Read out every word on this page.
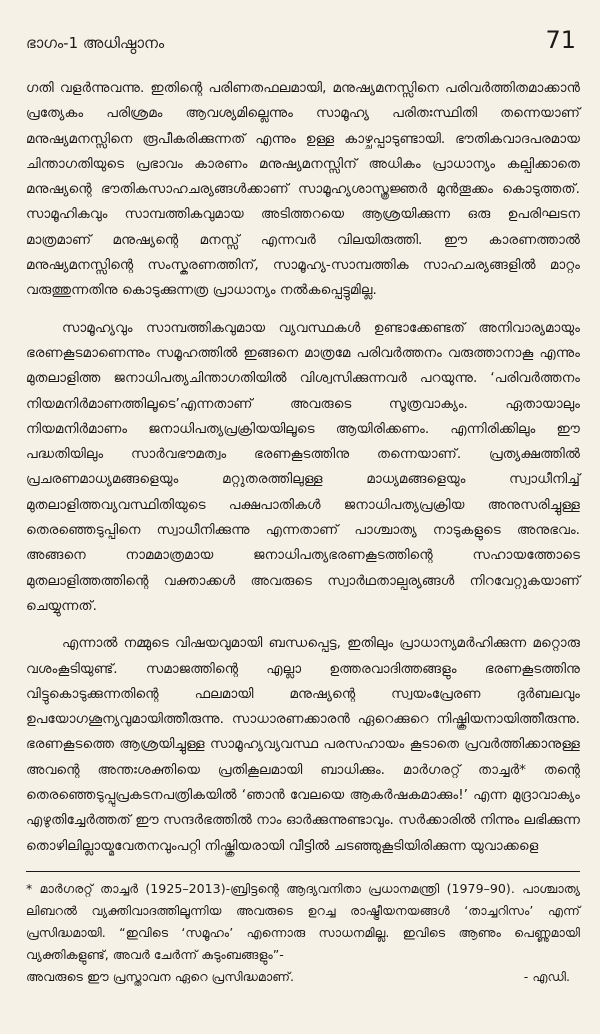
ഭാഗം-1 അധിഷ്ഠാനം	71

ഗതി വളർന്നുവന്നു. ഇതിന്റെ പരിണതഫലമായി, മനുഷ്യമനസ്സിനെ പരിവർത്തിതമാക്കാൻ പ്രത്യേകം പരിശ്രമം ആവശ്യമില്ലെന്നും സാമൂഹ്യ പരിതഃസ്ഥിതി തന്നെയാണ് മനുഷ്യമനസ്സിനെ രൂപീകരിക്കുന്നത് എന്നും ഉള്ള കാഴ്ചപ്പാടുണ്ടായി. ഭൗതികവാദപരമായ ചിന്താഗതിയുടെ പ്രഭാവം കാരണം മനുഷ്യമനസ്സിന് അധികം പ്രാധാന്യം കല്പിക്കാതെ മനുഷ്യന്റെ ഭൗതികസാഹചര്യങ്ങൾക്കാണ് സാമൂഹ്യശാസ്ത്രജ്ഞർ മുൻതൂക്കം കൊടുത്തത്. സാമൂഹികവും സാമ്പത്തികവുമായ അടിത്തറയെ ആശ്രയിക്കുന്ന ഒരു ഉപരിഘടന മാത്രമാണ് മനുഷ്യന്റെ മനസ്സ് എന്നവർ വിലയിരുത്തി. ഈ കാരണത്താൽ മനുഷ്യമനസ്സിന്റെ സംസ്കരണത്തിന്, സാമൂഹ്യ-സാമ്പത്തിക സാഹചര്യങ്ങളിൽ മാറ്റം വരുത്തുന്നതിനു കൊടുക്കുന്നത്ര പ്രാധാന്യം നൽകപ്പെട്ടുമില്ല.

സാമൂഹ്യവും സാമ്പത്തികവുമായ വ്യവസ്ഥകൾ ഉണ്ടാക്കേണ്ടത് അനിവാര്യമായും ഭരണകൂടമാണെന്നും സമൂഹത്തിൽ ഇങ്ങനെ മാത്രമേ പരിവർത്തനം വരുത്താനാകൂ എന്നും മുതലാളിത്ത ജനാധിപത്യചിന്താഗതിയിൽ വിശ്വസിക്കുന്നവർ പറയുന്നു. ‘പരിവർത്തനം നിയമനിർമാണത്തിലൂടെ’എന്നതാണ് അവരുടെ സൂത്രവാക്യം. ഏതായാലും നിയമനിർമാണം ജനാധിപത്യപ്രക്രിയയിലൂടെ ആയിരിക്കണം. എന്നിരിക്കിലും ഈ പദ്ധതിയിലും സാർവഭൗമത്വം ഭരണകൂടത്തിനു തന്നെയാണ്. പ്രത്യക്ഷത്തിൽ പ്രചരണമാധ്യമങ്ങളെയും മറ്റുതരത്തിലുള്ള മാധ്യമങ്ങളെയും സ്വാധീനിച്ച് മുതലാളിത്തവ്യവസ്ഥിതിയുടെ പക്ഷപാതികൾ ജനാധിപത്യപ്രക്രിയ അനുസരിച്ചുള്ള തെരഞ്ഞെടുപ്പിനെ സ്വാധീനിക്കുന്നു എന്നതാണ് പാശ്ചാത്യ നാടുകളുടെ അനുഭവം. അങ്ങനെ നാമമാത്രമായ ജനാധിപത്യഭരണകൂടത്തിന്റെ സഹായത്തോടെ മുതലാളിത്തത്തിന്റെ വക്താക്കൾ അവരുടെ സ്വാർഥതാല്പര്യങ്ങൾ നിറവേറ്റുകയാണ് ചെയ്യുന്നത്.

എന്നാൽ നമ്മുടെ വിഷയവുമായി ബന്ധപ്പെട്ട, ഇതിലും പ്രാധാന്യമർഹിക്കുന്ന മറ്റൊരു വശംകൂടിയുണ്ട്. സമാജത്തിന്റെ എല്ലാ ഉത്തരവാദിത്തങ്ങളും ഭരണകൂടത്തിനു വിട്ടുകൊടുക്കുന്നതിന്റെ ഫലമായി മനുഷ്യന്റെ സ്വയംപ്രേരണ ദുർബലവും ഉപയോഗശൂന്യവുമായിത്തീരുന്നു. സാധാരണക്കാരൻ ഏറെക്കുറെ നിഷ്ക്രിയനായിത്തീരുന്നു. ഭരണകൂടത്തെ ആശ്രയിച്ചുള്ള സാമൂഹ്യവ്യവസ്ഥ പരസഹായം കൂടാതെ പ്രവർത്തിക്കാനുള്ള അവന്റെ അന്തഃശക്തിയെ പ്രതികൂലമായി ബാധിക്കും. മാർഗരറ്റ് താച്ചർ* തന്റെ തെരഞ്ഞെടുപ്പുപ്രകടനപത്രികയിൽ ‘ഞാൻ വേലയെ ആകർഷകമാക്കും!’ എന്ന മുദ്രാവാക്യം എഴുതിച്ചേർത്തത് ഈ സന്ദർഭത്തിൽ നാം ഓർക്കുന്നുണ്ടാവും. സർക്കാരിൽ നിന്നും ലഭിക്കുന്ന തൊഴിലില്ലായ്മവേതനവുംപറ്റി നിഷ്ക്രിയരായി വീട്ടിൽ ചടഞ്ഞുകൂടിയിരിക്കുന്ന യുവാക്കളെ

* മാർഗരറ്റ് താച്ചർ (1925–2013)-ബ്രിട്ടന്റെ ആദ്യവനിതാ പ്രധാനമന്ത്രി (1979–90). പാശ്ചാത്യ ലിബറൽ വ്യക്തിവാദത്തിലൂന്നിയ അവരുടെ ഉറച്ച രാഷ്ട്രീയനയങ്ങൾ ‘താച്ചറിസം’ എന്ന് പ്രസിദ്ധമായി. “ഇവിടെ ‘സമൂഹം’ എന്നൊരു സാധനമില്ല. ഇവിടെ ആണും പെണ്ണുമായി വ്യക്തികളുണ്ട്, അവർ ചേർന്ന് കുടുംബങ്ങളും”-
അവരുടെ ഈ പ്രസ്താവന ഏറെ പ്രസിദ്ധമാണ്.	- എഡി.
